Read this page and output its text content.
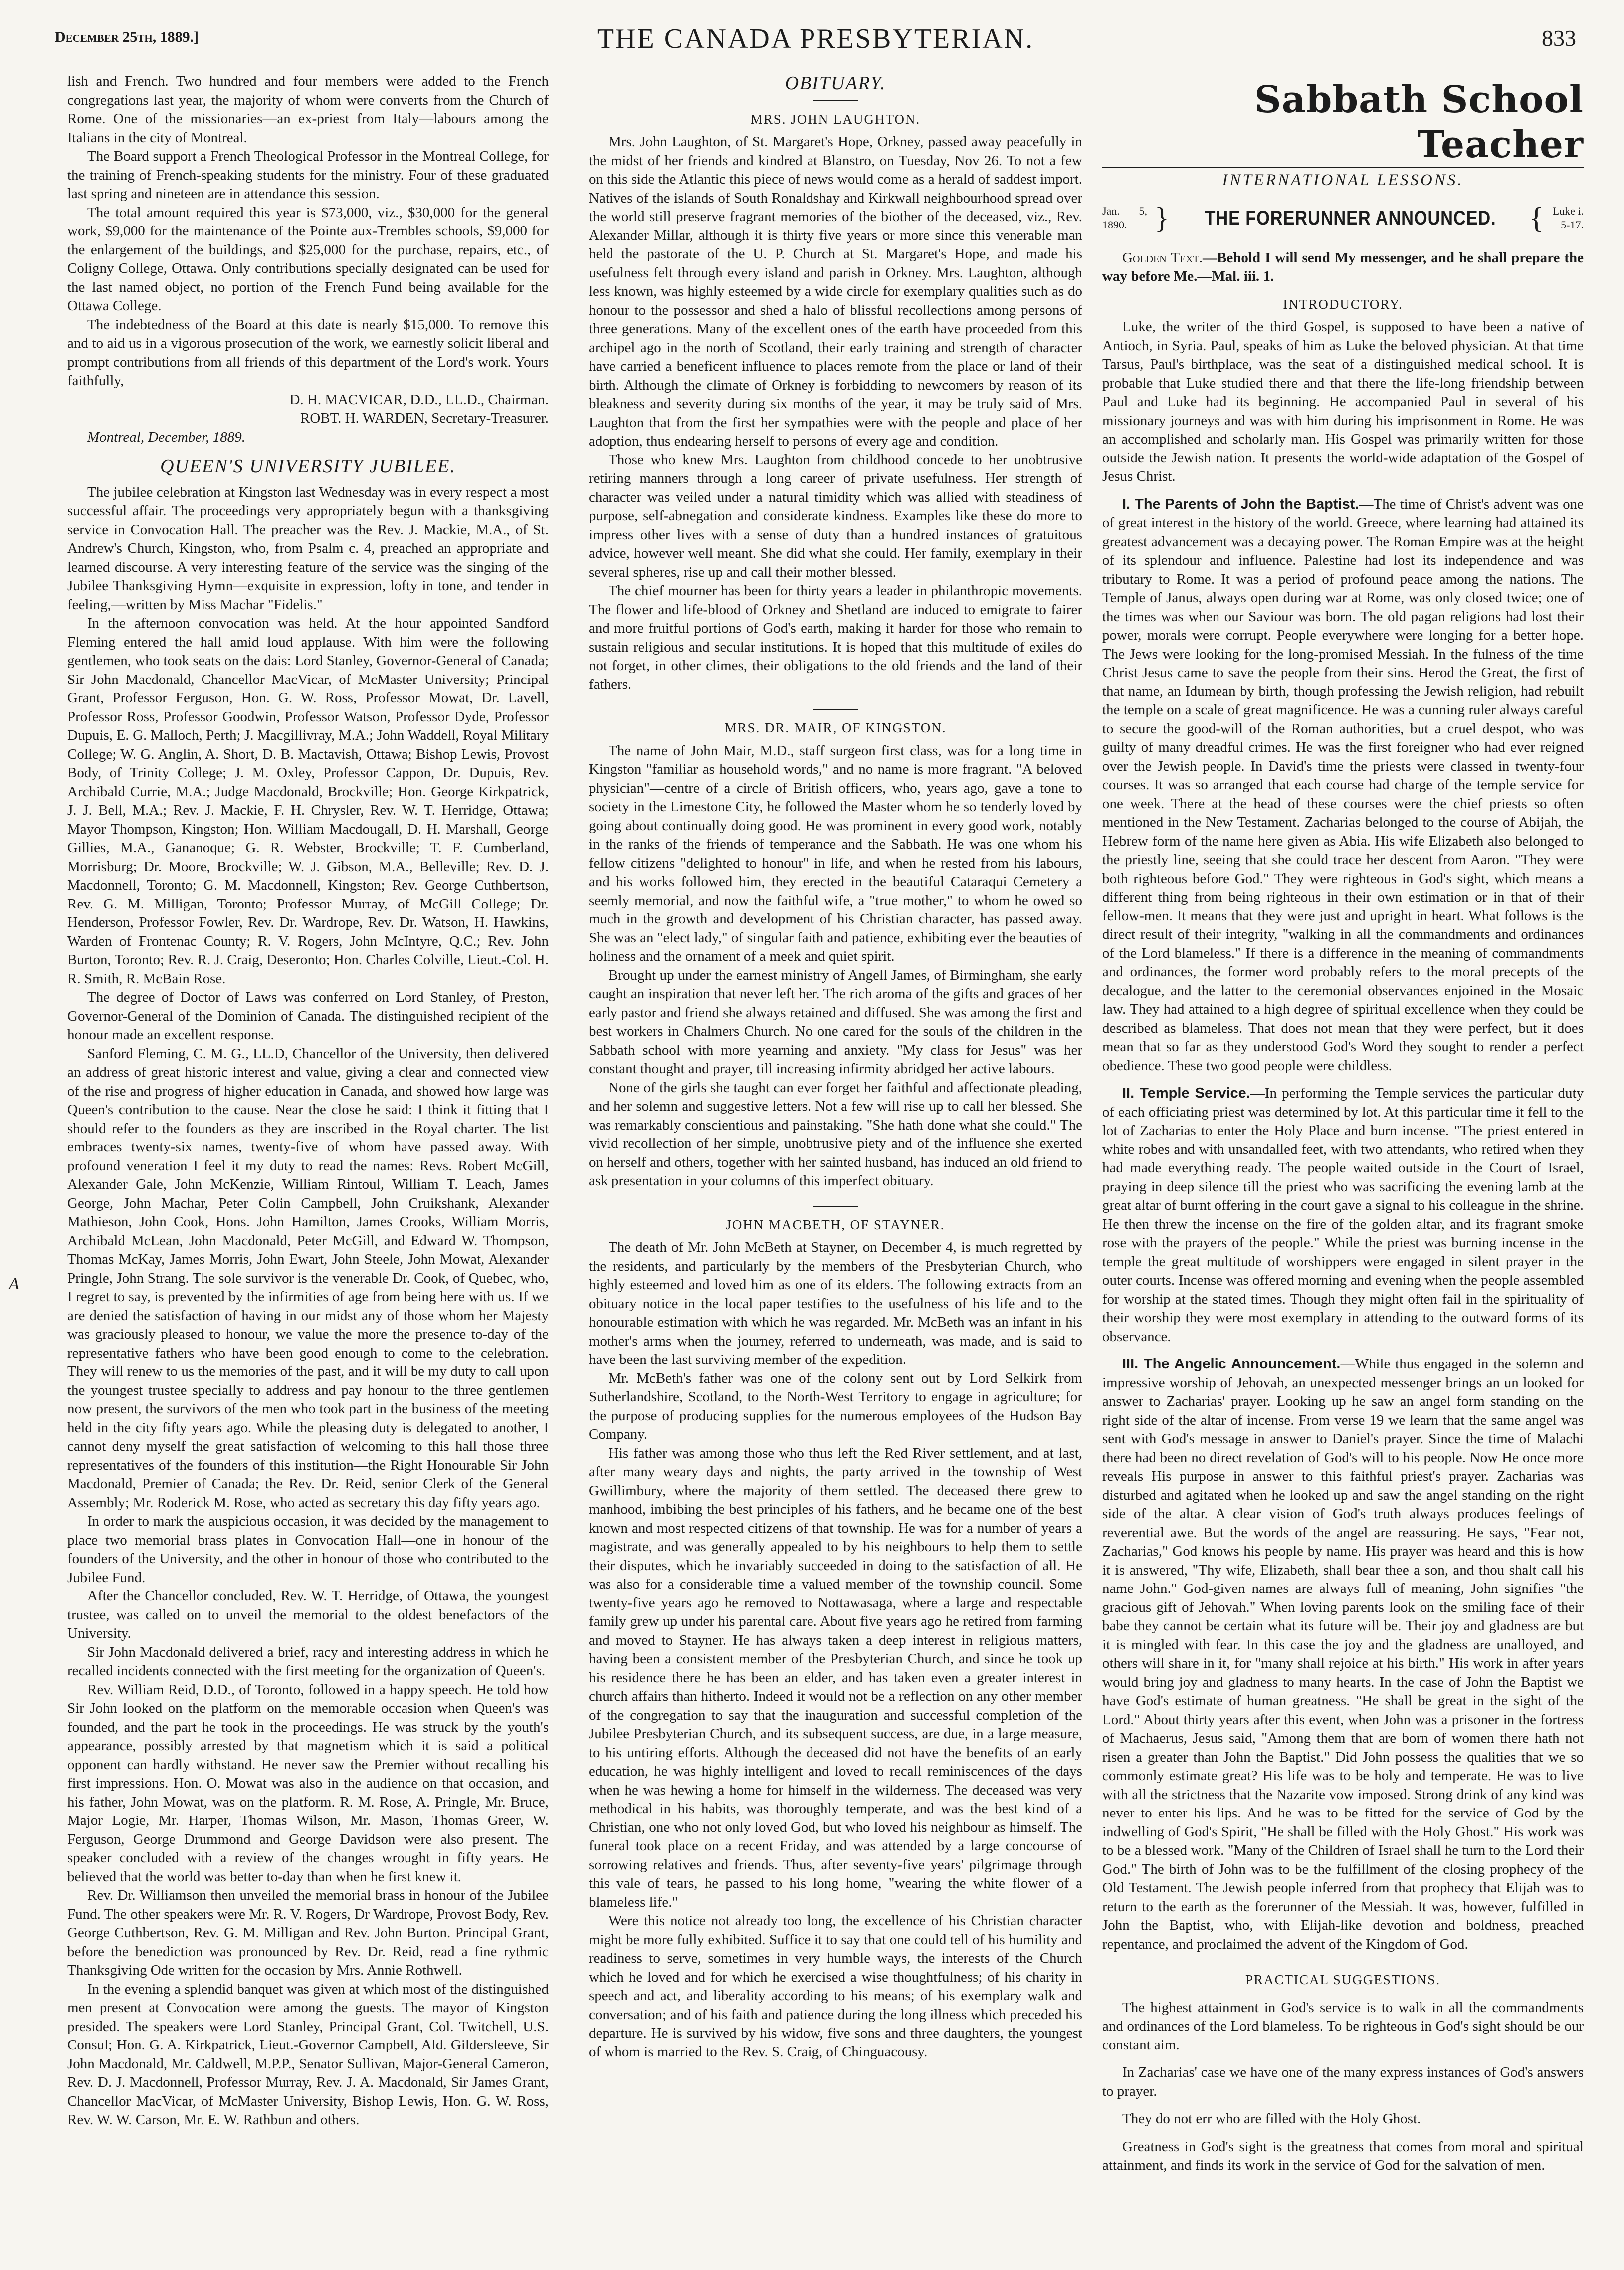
December 25th, 1889.]	THE CANADA PRESBYTERIAN.	833
A

lish and French. Two hundred and four members were added to the French congregations last year, the majority of whom were converts from the Church of Rome. One of the missionaries—an ex-priest from Italy—labours among the Italians in the city of Montreal.

The Board support a French Theological Professor in the Montreal College, for the training of French-speaking students for the ministry. Four of these graduated last spring and nineteen are in attendance this session.

The total amount required this year is $73,000, viz., $30,000 for the general work, $9,000 for the maintenance of the Pointe aux-Trembles schools, $9,000 for the enlargement of the buildings, and $25,000 for the purchase, repairs, etc., of Coligny College, Ottawa. Only contributions specially designated can be used for the last named object, no portion of the French Fund being available for the Ottawa College.

The indebtedness of the Board at this date is nearly $15,000. To remove this and to aid us in a vigorous prosecution of the work, we earnestly solicit liberal and prompt contributions from all friends of this department of the Lord's work. Yours faithfully,

D. H. MACVICAR, D.D., LL.D., Chairman.
ROBT. H. WARDEN, Secretary-Treasurer.
Montreal, December, 1889.
QUEEN'S UNIVERSITY JUBILEE.

The jubilee celebration at Kingston last Wednesday was in every respect a most successful affair. The proceedings very appropriately begun with a thanksgiving service in Convocation Hall. The preacher was the Rev. J. Mackie, M.A., of St. Andrew's Church, Kingston, who, from Psalm c. 4, preached an appropriate and learned discourse. A very interesting feature of the service was the singing of the Jubilee Thanksgiving Hymn—exquisite in expression, lofty in tone, and tender in feeling,—written by Miss Machar "Fidelis."

In the afternoon convocation was held. At the hour appointed Sandford Fleming entered the hall amid loud applause. With him were the following gentlemen, who took seats on the dais: Lord Stanley, Governor-General of Canada; Sir John Macdonald, Chancellor MacVicar, of McMaster University; Principal Grant, Professor Ferguson, Hon. G. W. Ross, Professor Mowat, Dr. Lavell, Professor Ross, Professor Goodwin, Professor Watson, Professor Dyde, Professor Dupuis, E. G. Malloch, Perth; J. Macgillivray, M.A.; John Waddell, Royal Military College; W. G. Anglin, A. Short, D. B. Mactavish, Ottawa; Bishop Lewis, Provost Body, of Trinity College; J. M. Oxley, Professor Cappon, Dr. Dupuis, Rev. Archibald Currie, M.A.; Judge Macdonald, Brockville; Hon. George Kirkpatrick, J. J. Bell, M.A.; Rev. J. Mackie, F. H. Chrysler, Rev. W. T. Herridge, Ottawa; Mayor Thompson, Kingston; Hon. William Macdougall, D. H. Marshall, George Gillies, M.A., Gananoque; G. R. Webster, Brockville; T. F. Cumberland, Morrisburg; Dr. Moore, Brockville; W. J. Gibson, M.A., Belleville; Rev. D. J. Macdonnell, Toronto; G. M. Macdonnell, Kingston; Rev. George Cuthbertson, Rev. G. M. Milligan, Toronto; Professor Murray, of McGill College; Dr. Henderson, Professor Fowler, Rev. Dr. Wardrope, Rev. Dr. Watson, H. Hawkins, Warden of Frontenac County; R. V. Rogers, John McIntyre, Q.C.; Rev. John Burton, Toronto; Rev. R. J. Craig, Deseronto; Hon. Charles Colville, Lieut.-Col. H. R. Smith, R. McBain Rose.

The degree of Doctor of Laws was conferred on Lord Stanley, of Preston, Governor-General of the Dominion of Canada. The distinguished recipient of the honour made an excellent response.

Sanford Fleming, C. M. G., LL.D, Chancellor of the University, then delivered an address of great historic interest and value, giving a clear and connected view of the rise and progress of higher education in Canada, and showed how large was Queen's contribution to the cause. Near the close he said: I think it fitting that I should refer to the founders as they are inscribed in the Royal charter. The list embraces twenty-six names, twenty-five of whom have passed away. With profound veneration I feel it my duty to read the names: Revs. Robert McGill, Alexander Gale, John McKenzie, William Rintoul, William T. Leach, James George, John Machar, Peter Colin Campbell, John Cruikshank, Alexander Mathieson, John Cook, Hons. John Hamilton, James Crooks, William Morris, Archibald McLean, John Macdonald, Peter McGill, and Edward W. Thompson, Thomas McKay, James Morris, John Ewart, John Steele, John Mowat, Alexander Pringle, John Strang. The sole survivor is the venerable Dr. Cook, of Quebec, who, I regret to say, is prevented by the infirmities of age from being here with us. If we are denied the satisfaction of having in our midst any of those whom her Majesty was graciously pleased to honour, we value the more the presence to-day of the representative fathers who have been good enough to come to the celebration. They will renew to us the memories of the past, and it will be my duty to call upon the youngest trustee specially to address and pay honour to the three gentlemen now present, the survivors of the men who took part in the business of the meeting held in the city fifty years ago. While the pleasing duty is delegated to another, I cannot deny myself the great satisfaction of welcoming to this hall those three representatives of the founders of this institution—the Right Honourable Sir John Macdonald, Premier of Canada; the Rev. Dr. Reid, senior Clerk of the General Assembly; Mr. Roderick M. Rose, who acted as secretary this day fifty years ago.

In order to mark the auspicious occasion, it was decided by the management to place two memorial brass plates in Convocation Hall—one in honour of the founders of the University, and the other in honour of those who contributed to the Jubilee Fund.

After the Chancellor concluded, Rev. W. T. Herridge, of Ottawa, the youngest trustee, was called on to unveil the memorial to the oldest benefactors of the University.

Sir John Macdonald delivered a brief, racy and interesting address in which he recalled incidents connected with the first meeting for the organization of Queen's.

Rev. William Reid, D.D., of Toronto, followed in a happy speech. He told how Sir John looked on the platform on the memorable occasion when Queen's was founded, and the part he took in the proceedings. He was struck by the youth's appearance, possibly arrested by that magnetism which it is said a political opponent can hardly withstand. He never saw the Premier without recalling his first impressions. Hon. O. Mowat was also in the audience on that occasion, and his father, John Mowat, was on the platform. R. M. Rose, A. Pringle, Mr. Bruce, Major Logie, Mr. Harper, Thomas Wilson, Mr. Mason, Thomas Greer, W. Ferguson, George Drummond and George Davidson were also present. The speaker concluded with a review of the changes wrought in fifty years. He believed that the world was better to-day than when he first knew it.

Rev. Dr. Williamson then unveiled the memorial brass in honour of the Jubilee Fund. The other speakers were Mr. R. V. Rogers, Dr Wardrope, Provost Body, Rev. George Cuthbertson, Rev. G. M. Milligan and Rev. John Burton. Principal Grant, before the benediction was pronounced by Rev. Dr. Reid, read a fine rythmic Thanksgiving Ode written for the occasion by Mrs. Annie Rothwell.

In the evening a splendid banquet was given at which most of the distinguished men present at Convocation were among the guests. The mayor of Kingston presided. The speakers were Lord Stanley, Principal Grant, Col. Twitchell, U.S. Consul; Hon. G. A. Kirkpatrick, Lieut.-Governor Campbell, Ald. Gildersleeve, Sir John Macdonald, Mr. Caldwell, M.P.P., Senator Sullivan, Major-General Cameron, Rev. D. J. Macdonnell, Professor Murray, Rev. J. A. Macdonald, Sir James Grant, Chancellor MacVicar, of McMaster University, Bishop Lewis, Hon. G. W. Ross, Rev. W. W. Carson, Mr. E. W. Rathbun and others.

OBITUARY.
MRS. JOHN LAUGHTON.

Mrs. John Laughton, of St. Margaret's Hope, Orkney, passed away peacefully in the midst of her friends and kindred at Blanstro, on Tuesday, Nov 26. To not a few on this side the Atlantic this piece of news would come as a herald of saddest import. Natives of the islands of South Ronaldshay and Kirkwall neighbourhood spread over the world still preserve fragrant memories of the biother of the deceased, viz., Rev. Alexander Millar, although it is thirty five years or more since this venerable man held the pastorate of the U. P. Church at St. Margaret's Hope, and made his usefulness felt through every island and parish in Orkney. Mrs. Laughton, although less known, was highly esteemed by a wide circle for exemplary qualities such as do honour to the possessor and shed a halo of blissful recollections among persons of three generations. Many of the excellent ones of the earth have proceeded from this archipel ago in the north of Scotland, their early training and strength of character have carried a beneficent influence to places remote from the place or land of their birth. Although the climate of Orkney is forbidding to newcomers by reason of its bleakness and severity during six months of the year, it may be truly said of Mrs. Laughton that from the first her sympathies were with the people and place of her adoption, thus endearing herself to persons of every age and condition.

Those who knew Mrs. Laughton from childhood concede to her unobtrusive retiring manners through a long career of private usefulness. Her strength of character was veiled under a natural timidity which was allied with steadiness of purpose, self-abnegation and considerate kindness. Examples like these do more to impress other lives with a sense of duty than a hundred instances of gratuitous advice, however well meant. She did what she could. Her family, exemplary in their several spheres, rise up and call their mother blessed.

The chief mourner has been for thirty years a leader in philanthropic movements. The flower and life-blood of Orkney and Shetland are induced to emigrate to fairer and more fruitful portions of God's earth, making it harder for those who remain to sustain religious and secular institutions. It is hoped that this multitude of exiles do not forget, in other climes, their obligations to the old friends and the land of their fathers.

MRS. DR. MAIR, OF KINGSTON.

The name of John Mair, M.D., staff surgeon first class, was for a long time in Kingston "familiar as household words," and no name is more fragrant. "A beloved physician"—centre of a circle of British officers, who, years ago, gave a tone to society in the Limestone City, he followed the Master whom he so tenderly loved by going about continually doing good. He was prominent in every good work, notably in the ranks of the friends of temperance and the Sabbath. He was one whom his fellow citizens "delighted to honour" in life, and when he rested from his labours, and his works followed him, they erected in the beautiful Cataraqui Cemetery a seemly memorial, and now the faithful wife, a "true mother," to whom he owed so much in the growth and development of his Christian character, has passed away. She was an "elect lady," of singular faith and patience, exhibiting ever the beauties of holiness and the ornament of a meek and quiet spirit.

Brought up under the earnest ministry of Angell James, of Birmingham, she early caught an inspiration that never left her. The rich aroma of the gifts and graces of her early pastor and friend she always retained and diffused. She was among the first and best workers in Chalmers Church. No one cared for the souls of the children in the Sabbath school with more yearning and anxiety. "My class for Jesus" was her constant thought and prayer, till increasing infirmity abridged her active labours.

None of the girls she taught can ever forget her faithful and affectionate pleading, and her solemn and suggestive letters. Not a few will rise up to call her blessed. She was remarkably conscientious and painstaking. "She hath done what she could." The vivid recollection of her simple, unobtrusive piety and of the influence she exerted on herself and others, together with her sainted husband, has induced an old friend to ask presentation in your columns of this imperfect obituary.

JOHN MACBETH, OF STAYNER.

The death of Mr. John McBeth at Stayner, on December 4, is much regretted by the residents, and particularly by the members of the Presbyterian Church, who highly esteemed and loved him as one of its elders. The following extracts from an obituary notice in the local paper testifies to the usefulness of his life and to the honourable estimation with which he was regarded. Mr. McBeth was an infant in his mother's arms when the journey, referred to underneath, was made, and is said to have been the last surviving member of the expedition.

Mr. McBeth's father was one of the colony sent out by Lord Selkirk from Sutherlandshire, Scotland, to the North-West Territory to engage in agriculture; for the purpose of producing supplies for the numerous employees of the Hudson Bay Company.

His father was among those who thus left the Red River settlement, and at last, after many weary days and nights, the party arrived in the township of West Gwillimbury, where the majority of them settled. The deceased there grew to manhood, imbibing the best principles of his fathers, and he became one of the best known and most respected citizens of that township. He was for a number of years a magistrate, and was generally appealed to by his neighbours to help them to settle their disputes, which he invariably succeeded in doing to the satisfaction of all. He was also for a considerable time a valued member of the township council. Some twenty-five years ago he removed to Nottawasaga, where a large and respectable family grew up under his parental care. About five years ago he retired from farming and moved to Stayner. He has always taken a deep interest in religious matters, having been a consistent member of the Presbyterian Church, and since he took up his residence there he has been an elder, and has taken even a greater interest in church affairs than hitherto. Indeed it would not be a reflection on any other member of the congregation to say that the inauguration and successful completion of the Jubilee Presbyterian Church, and its subsequent success, are due, in a large measure, to his untiring efforts. Although the deceased did not have the benefits of an early education, he was highly intelligent and loved to recall reminiscences of the days when he was hewing a home for himself in the wilderness. The deceased was very methodical in his habits, was thoroughly temperate, and was the best kind of a Christian, one who not only loved God, but who loved his neighbour as himself. The funeral took place on a recent Friday, and was attended by a large concourse of sorrowing relatives and friends. Thus, after seventy-five years' pilgrimage through this vale of tears, he passed to his long home, "wearing the white flower of a blameless life."

Were this notice not already too long, the excellence of his Christian character might be more fully exhibited. Suffice it to say that one could tell of his humility and readiness to serve, sometimes in very humble ways, the interests of the Church which he loved and for which he exercised a wise thoughtfulness; of his charity in speech and act, and liberality according to his means; of his exemplary walk and conversation; and of his faith and patience during the long illness which preceded his departure. He is survived by his widow, five sons and three daughters, the youngest of whom is married to the Rev. S. Craig, of Chinguacousy.

Sabbath School Teacher
INTERNATIONAL LESSONS.
Jan. 5, 1890. } THE FORERUNNER ANNOUNCED. { Luke i. 5-17.

Golden Text.—Behold I will send My messenger, and he shall prepare the way before Me.—Mal. iii. 1.

INTRODUCTORY.

Luke, the writer of the third Gospel, is supposed to have been a native of Antioch, in Syria. Paul, speaks of him as Luke the beloved physician. At that time Tarsus, Paul's birthplace, was the seat of a distinguished medical school. It is probable that Luke studied there and that there the life-long friendship between Paul and Luke had its beginning. He accompanied Paul in several of his missionary journeys and was with him during his imprisonment in Rome. He was an accomplished and scholarly man. His Gospel was primarily written for those outside the Jewish nation. It presents the world-wide adaptation of the Gospel of Jesus Christ.

I. The Parents of John the Baptist.—The time of Christ's advent was one of great interest in the history of the world. Greece, where learning had attained its greatest advancement was a decaying power. The Roman Empire was at the height of its splendour and influence. Palestine had lost its independence and was tributary to Rome. It was a period of profound peace among the nations. The Temple of Janus, always open during war at Rome, was only closed twice; one of the times was when our Saviour was born. The old pagan religions had lost their power, morals were corrupt. People everywhere were longing for a better hope. The Jews were looking for the long-promised Messiah. In the fulness of the time Christ Jesus came to save the people from their sins. Herod the Great, the first of that name, an Idumean by birth, though professing the Jewish religion, had rebuilt the temple on a scale of great magnificence. He was a cunning ruler always careful to secure the good-will of the Roman authorities, but a cruel despot, who was guilty of many dreadful crimes. He was the first foreigner who had ever reigned over the Jewish people. In David's time the priests were classed in twenty-four courses. It was so arranged that each course had charge of the temple service for one week. There at the head of these courses were the chief priests so often mentioned in the New Testament. Zacharias belonged to the course of Abijah, the Hebrew form of the name here given as Abia. His wife Elizabeth also belonged to the priestly line, seeing that she could trace her descent from Aaron. "They were both righteous before God." They were righteous in God's sight, which means a different thing from being righteous in their own estimation or in that of their fellow-men. It means that they were just and upright in heart. What follows is the direct result of their integrity, "walking in all the commandments and ordinances of the Lord blameless." If there is a difference in the meaning of commandments and ordinances, the former word probably refers to the moral precepts of the decalogue, and the latter to the ceremonial observances enjoined in the Mosaic law. They had attained to a high degree of spiritual excellence when they could be described as blameless. That does not mean that they were perfect, but it does mean that so far as they understood God's Word they sought to render a perfect obedience. These two good people were childless.

II. Temple Service.—In performing the Temple services the particular duty of each officiating priest was determined by lot. At this particular time it fell to the lot of Zacharias to enter the Holy Place and burn incense. "The priest entered in white robes and with unsandalled feet, with two attendants, who retired when they had made everything ready. The people waited outside in the Court of Israel, praying in deep silence till the priest who was sacrificing the evening lamb at the great altar of burnt offering in the court gave a signal to his colleague in the shrine. He then threw the incense on the fire of the golden altar, and its fragrant smoke rose with the prayers of the people." While the priest was burning incense in the temple the great multitude of worshippers were engaged in silent prayer in the outer courts. Incense was offered morning and evening when the people assembled for worship at the stated times. Though they might often fail in the spirituality of their worship they were most exemplary in attending to the outward forms of its observance.

III. The Angelic Announcement.—While thus engaged in the solemn and impressive worship of Jehovah, an unexpected messenger brings an un looked for answer to Zacharias' prayer. Looking up he saw an angel form standing on the right side of the altar of incense. From verse 19 we learn that the same angel was sent with God's message in answer to Daniel's prayer. Since the time of Malachi there had been no direct revelation of God's will to his people. Now He once more reveals His purpose in answer to this faithful priest's prayer. Zacharias was disturbed and agitated when he looked up and saw the angel standing on the right side of the altar. A clear vision of God's truth always produces feelings of reverential awe. But the words of the angel are reassuring. He says, "Fear not, Zacharias," God knows his people by name. His prayer was heard and this is how it is answered, "Thy wife, Elizabeth, shall bear thee a son, and thou shalt call his name John." God-given names are always full of meaning, John signifies "the gracious gift of Jehovah." When loving parents look on the smiling face of their babe they cannot be certain what its future will be. Their joy and gladness are but it is mingled with fear. In this case the joy and the gladness are unalloyed, and others will share in it, for "many shall rejoice at his birth." His work in after years would bring joy and gladness to many hearts. In the case of John the Baptist we have God's estimate of human greatness. "He shall be great in the sight of the Lord." About thirty years after this event, when John was a prisoner in the fortress of Machaerus, Jesus said, "Among them that are born of women there hath not risen a greater than John the Baptist." Did John possess the qualities that we so commonly estimate great? His life was to be holy and temperate. He was to live with all the strictness that the Nazarite vow imposed. Strong drink of any kind was never to enter his lips. And he was to be fitted for the service of God by the indwelling of God's Spirit, "He shall be filled with the Holy Ghost." His work was to be a blessed work. "Many of the Children of Israel shall he turn to the Lord their God." The birth of John was to be the fulfillment of the closing prophecy of the Old Testament. The Jewish people inferred from that prophecy that Elijah was to return to the earth as the forerunner of the Messiah. It was, however, fulfilled in John the Baptist, who, with Elijah-like devotion and boldness, preached repentance, and proclaimed the advent of the Kingdom of God.

PRACTICAL SUGGESTIONS.

The highest attainment in God's service is to walk in all the commandments and ordinances of the Lord blameless. To be righteous in God's sight should be our constant aim.

In Zacharias' case we have one of the many express instances of God's answers to prayer.

They do not err who are filled with the Holy Ghost.

Greatness in God's sight is the greatness that comes from moral and spiritual attainment, and finds its work in the service of God for the salvation of men.
